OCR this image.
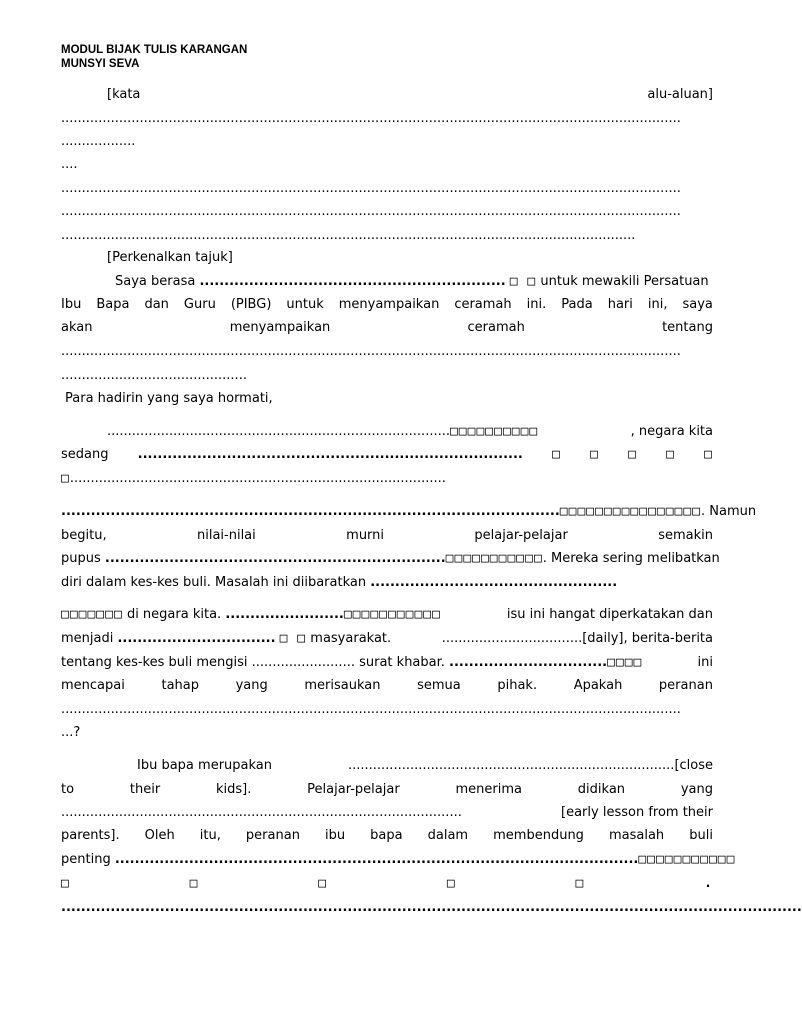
MODUL BIJAK TULIS KARANGAN
MUNSYI SEVA
[kata	alu-aluan]
......................................................................................................................................................
..................
....
......................................................................................................................................................
......................................................................................................................................................
...........................................................................................................................................
[Perkenalkan tajuk]
Saya berasa .............................................................. □ □ untuk mewakili Persatuan
Ibu Bapa dan Guru (PIBG) untuk menyampaikan ceramah ini. Pada hari ini, saya
akan	menyampaikan	ceramah	tentang
......................................................................................................................................................
.............................................
Para hadirin yang saya hormati,
................................................................................... □□□□□□□□□□	, negara kita
sedang .............................................................................. □ □ □ □ □
□...........................................................................................
..................................................................................................... □□□□□□□□□□□□□□□□ . Namun
begitu,	nilai-nilai	murni	pelajar-pelajar	semakin
pupus
..................................................................... □□□□□□□□□□□ . Mereka sering melibatkan
diri dalam kes-kes buli. Masalah ini diibaratkan ..................................................
□□□□□□□
di negara kita.
........................ □□□□□□□□□□□	isu ini hangat diperkatakan dan
menjadi
................................
□ □
masyarakat.	..................................[daily], berita-berita
tentang kes-kes buli mengisi
.........................
surat khabar.
................................ □□□□	ini
mencapai	tahap	yang	merisaukan	semua	pihak.	Apakah	peranan
......................................................................................................................................................
...?
Ibu bapa merupakan	...............................................................................[close
to	their	kids].	Pelajar-pelajar	menerima	didikan	yang
.................................................................................................	[early lesson from their
parents]. Oleh itu, peranan ibu bapa dalam membendung masalah buli
penting
.......................................................................................................... □□□□□□□□□□□
□	□	□	□	□	.
......................................................................................................................................................
